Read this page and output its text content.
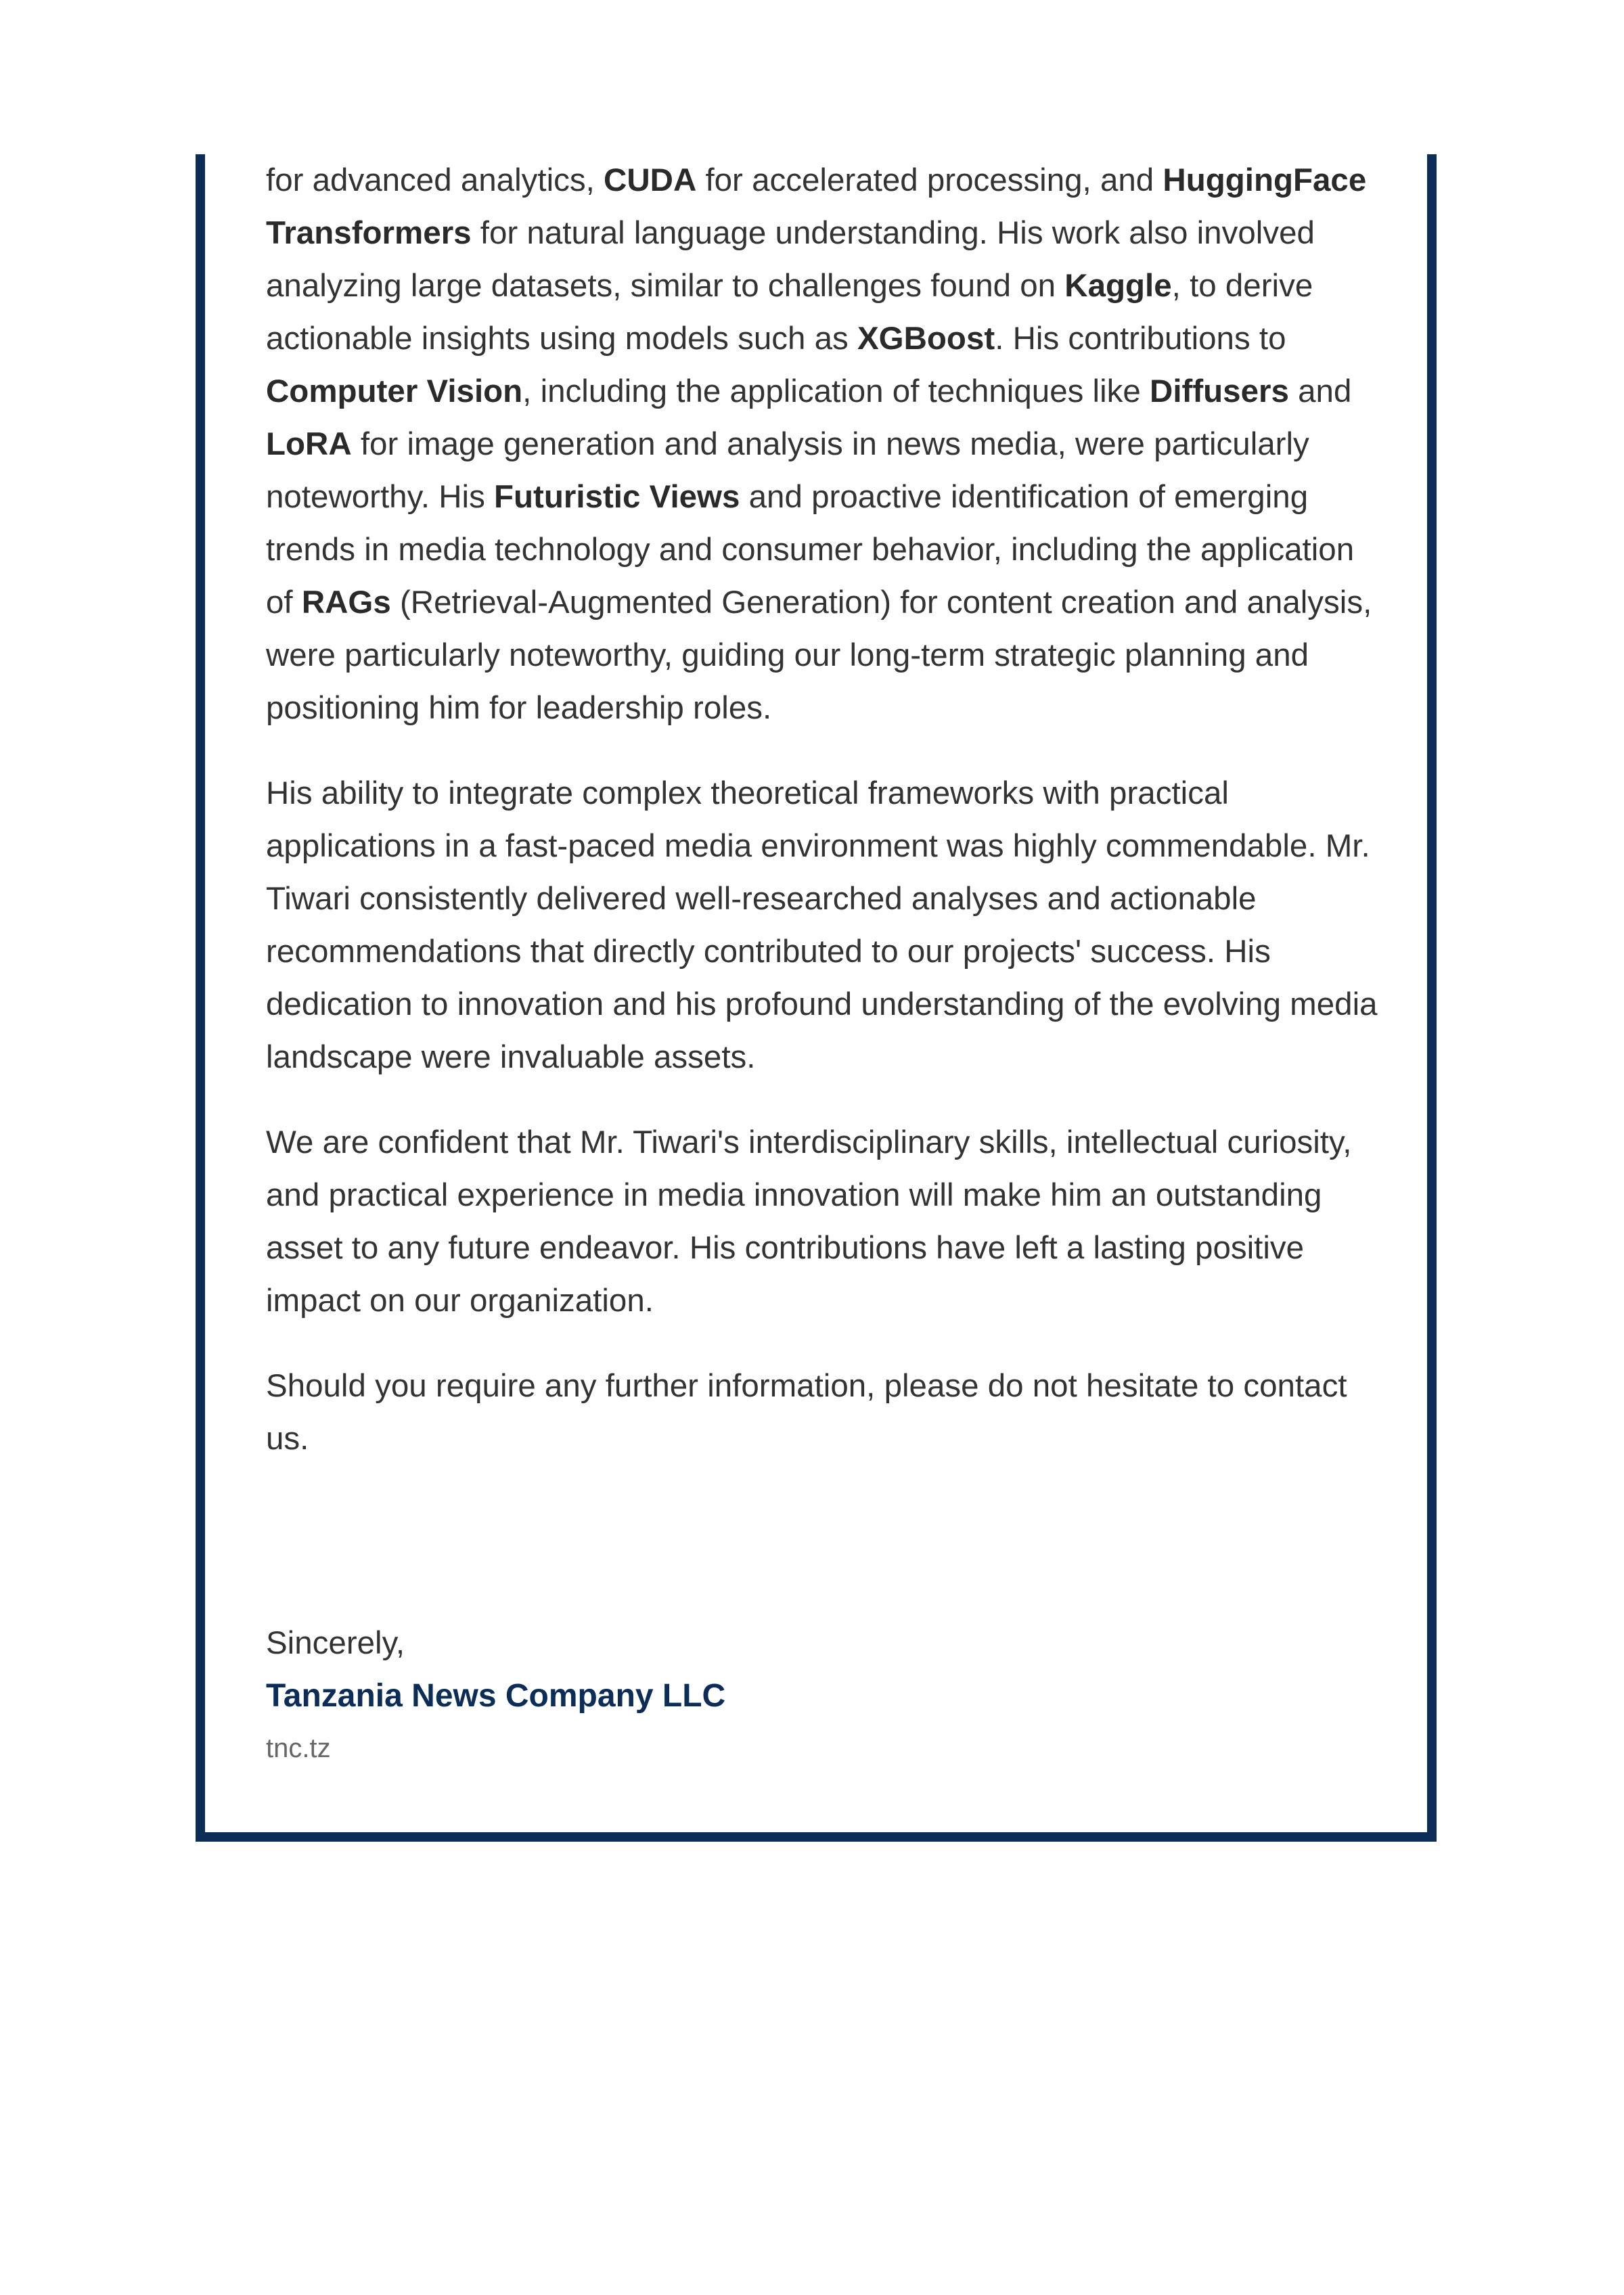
for advanced analytics, CUDA for accelerated processing, and HuggingFace Transformers for natural language understanding. His work also involved analyzing large datasets, similar to challenges found on Kaggle, to derive actionable insights using models such as XGBoost. His contributions to Computer Vision, including the application of techniques like Diffusers and LoRA for image generation and analysis in news media, were particularly noteworthy. His Futuristic Views and proactive identification of emerging trends in media technology and consumer behavior, including the application of RAGs (Retrieval-Augmented Generation) for content creation and analysis, were particularly noteworthy, guiding our long-term strategic planning and positioning him for leadership roles.

His ability to integrate complex theoretical frameworks with practical applications in a fast-paced media environment was highly commendable. Mr. Tiwari consistently delivered well-researched analyses and actionable recommendations that directly contributed to our projects' success. His dedication to innovation and his profound understanding of the evolving media landscape were invaluable assets.

We are confident that Mr. Tiwari's interdisciplinary skills, intellectual curiosity, and practical experience in media innovation will make him an outstanding asset to any future endeavor. His contributions have left a lasting positive impact on our organization.

Should you require any further information, please do not hesitate to contact us.

Sincerely,
Tanzania News Company LLC
tnc.tz
